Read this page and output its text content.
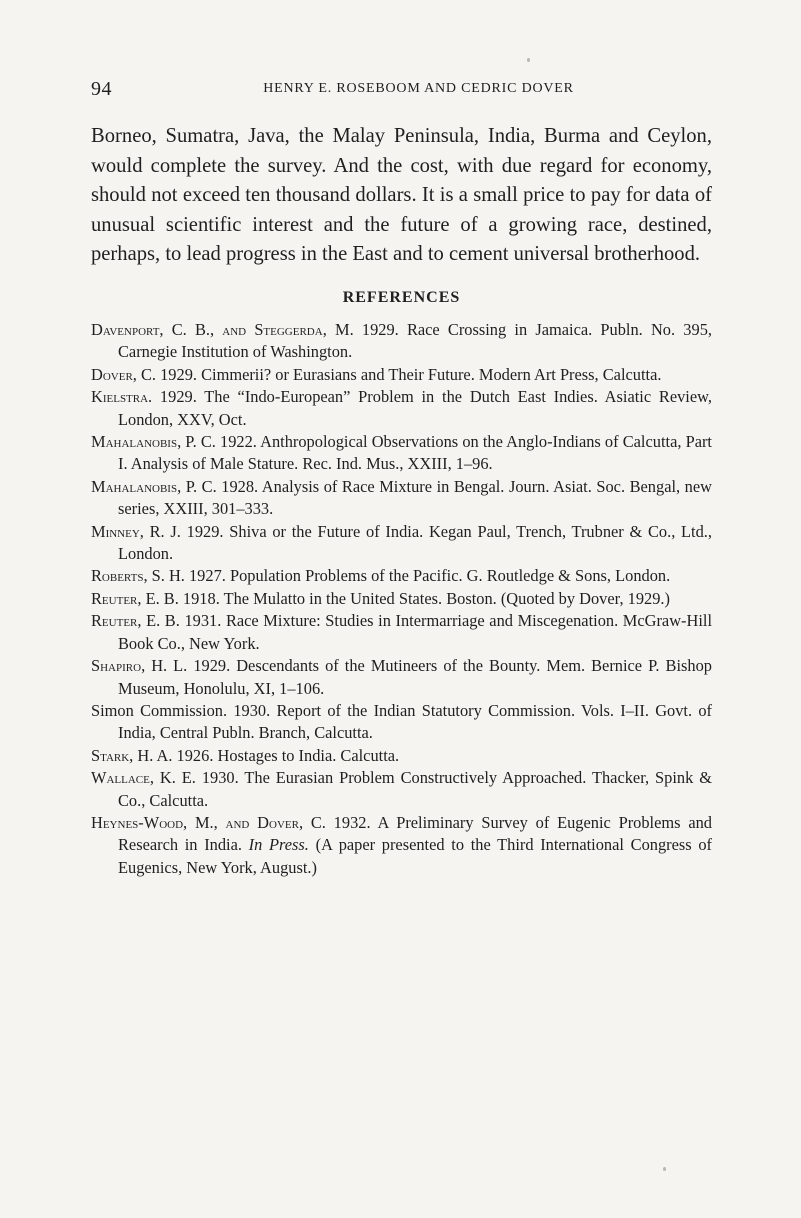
94	HENRY E. ROSEBOOM AND CEDRIC DOVER

Borneo, Sumatra, Java, the Malay Peninsula, India, Burma and Ceylon, would complete the survey. And the cost, with due regard for economy, should not exceed ten thousand dollars. It is a small price to pay for data of unusual scientific interest and the future of a growing race, destined, perhaps, to lead progress in the East and to cement universal brotherhood.

REFERENCES
Davenport, C. B., and Steggerda, M. 1929. Race Crossing in Jamaica. Publn. No. 395, Carnegie Institution of Washington.
Dover, C. 1929. Cimmerii? or Eurasians and Their Future. Modern Art Press, Calcutta.
Kielstra. 1929. The “Indo-European” Problem in the Dutch East Indies. Asiatic Review, London, XXV, Oct.
Mahalanobis, P. C. 1922. Anthropological Observations on the Anglo-Indians of Calcutta, Part I. Analysis of Male Stature. Rec. Ind. Mus., XXIII, 1–96.
Mahalanobis, P. C. 1928. Analysis of Race Mixture in Bengal. Journ. Asiat. Soc. Bengal, new series, XXIII, 301–333.
Minney, R. J. 1929. Shiva or the Future of India. Kegan Paul, Trench, Trubner & Co., Ltd., London.
Roberts, S. H. 1927. Population Problems of the Pacific. G. Routledge & Sons, London.
Reuter, E. B. 1918. The Mulatto in the United States. Boston. (Quoted by Dover, 1929.)
Reuter, E. B. 1931. Race Mixture: Studies in Intermarriage and Miscegenation. McGraw-Hill Book Co., New York.
Shapiro, H. L. 1929. Descendants of the Mutineers of the Bounty. Mem. Bernice P. Bishop Museum, Honolulu, XI, 1–106.
Simon Commission. 1930. Report of the Indian Statutory Commission. Vols. I–II. Govt. of India, Central Publn. Branch, Calcutta.
Stark, H. A. 1926. Hostages to India. Calcutta.
Wallace, K. E. 1930. The Eurasian Problem Constructively Approached. Thacker, Spink & Co., Calcutta.
Heynes-Wood, M., and Dover, C. 1932. A Preliminary Survey of Eugenic Problems and Research in India. In Press. (A paper presented to the Third International Congress of Eugenics, New York, August.)
